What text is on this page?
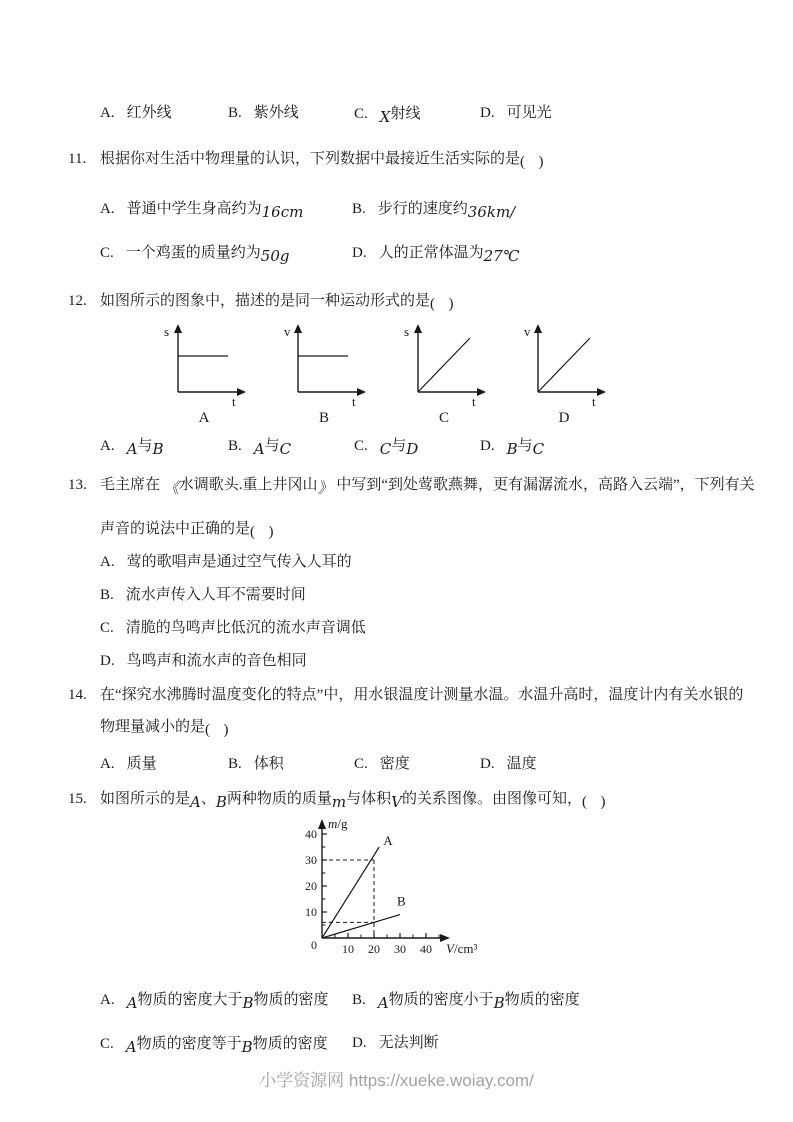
A. 红外线	B. 紫外线	C. X射线	D. 可见光
11. 根据你对生活中物理量的认识，下列数据中最接近生活实际的是(  )
A. 普通中学生身高约为16cm	B. 步行的速度约36km/
C. 一个鸡蛋的质量约为50g	D. 人的正常体温为27℃
12. 如图所示的图象中，描述的是同一种运动形式的是(  )
s
t
A
v
t
B
s
t
C
v
t
D
A. A与B	B. A与C	C. C与D	D. B与C
13. 毛主席在 《水调歌头.重上井冈山》 中写到“到处莺歌燕舞，更有漏潺流水，高路入云端”，下列有关
声音的说法中正确的是(  )
A. 莺的歌唱声是通过空气传入人耳的
B. 流水声传入人耳不需要时间
C. 清脆的鸟鸣声比低沉的流水声音调低
D. 鸟鸣声和流水声的音色相同
14. 在“探究水沸腾时温度变化的特点”中，用水银温度计测量水温。水温升高时，温度计内有关水银的
物理量减小的是(  )
A. 质量	B. 体积	C. 密度	D. 温度
15. 如图所示的是A、B两种物质的质量m与体积V的关系图像。由图像可知，(  )
10
20
30
40
10 20 30 40
0
A
B
m/g
V/cm³
A. A物质的密度大于B物质的密度	B. A物质的密度小于B物质的密度
C. A物质的密度等于B物质的密度	D. 无法判断
小学资源网 https://xueke.woiay.com/
